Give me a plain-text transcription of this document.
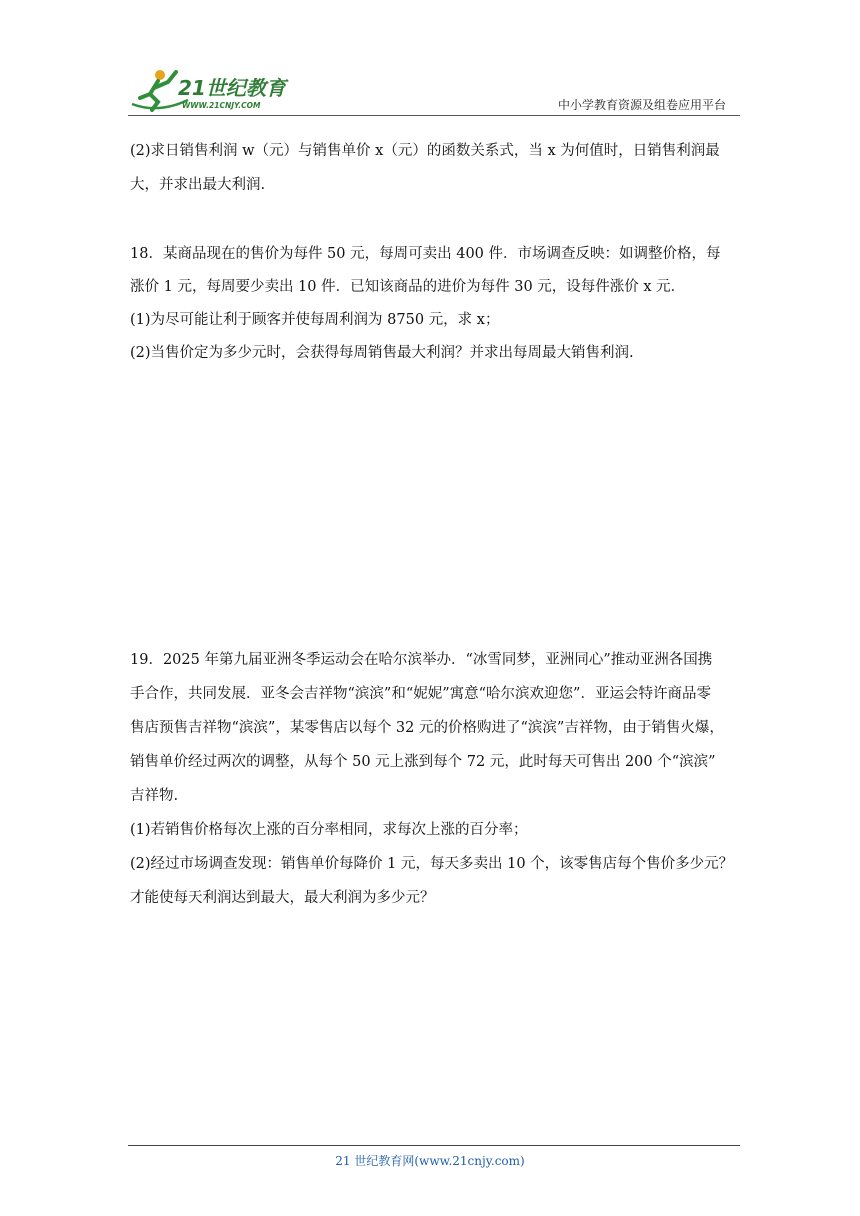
21世纪教育
WWW.21CNJY.COM	中小学教育资源及组卷应用平台

(2)求日销售利润 w（元）与销售单价 x（元）的函数关系式，当 x 为何值时，日销售利润最

大，并求出最大利润.

18．某商品现在的售价为每件 50 元，每周可卖出 400 件．市场调查反映：如调整价格，每

涨价 1 元，每周要少卖出 10 件．已知该商品的进价为每件 30 元，设每件涨价 x 元．

(1)为尽可能让利于顾客并使每周利润为 8750 元，求 x；

(2)当售价定为多少元时，会获得每周销售最大利润？并求出每周最大销售利润.

19．2025 年第九届亚洲冬季运动会在哈尔滨举办．“冰雪同梦，亚洲同心”推动亚洲各国携

手合作，共同发展．亚冬会吉祥物“滨滨”和“妮妮”寓意“哈尔滨欢迎您”．亚运会特许商品零

售店预售吉祥物“滨滨”，某零售店以每个 32 元的价格购进了“滨滨”吉祥物，由于销售火爆，

销售单价经过两次的调整，从每个 50 元上涨到每个 72 元，此时每天可售出 200 个“滨滨”

吉祥物.

(1)若销售价格每次上涨的百分率相同，求每次上涨的百分率；

(2)经过市场调查发现：销售单价每降价 1 元，每天多卖出 10 个，该零售店每个售价多少元？

才能使每天利润达到最大，最大利润为多少元？

21 世纪教育网(www.21cnjy.com)
